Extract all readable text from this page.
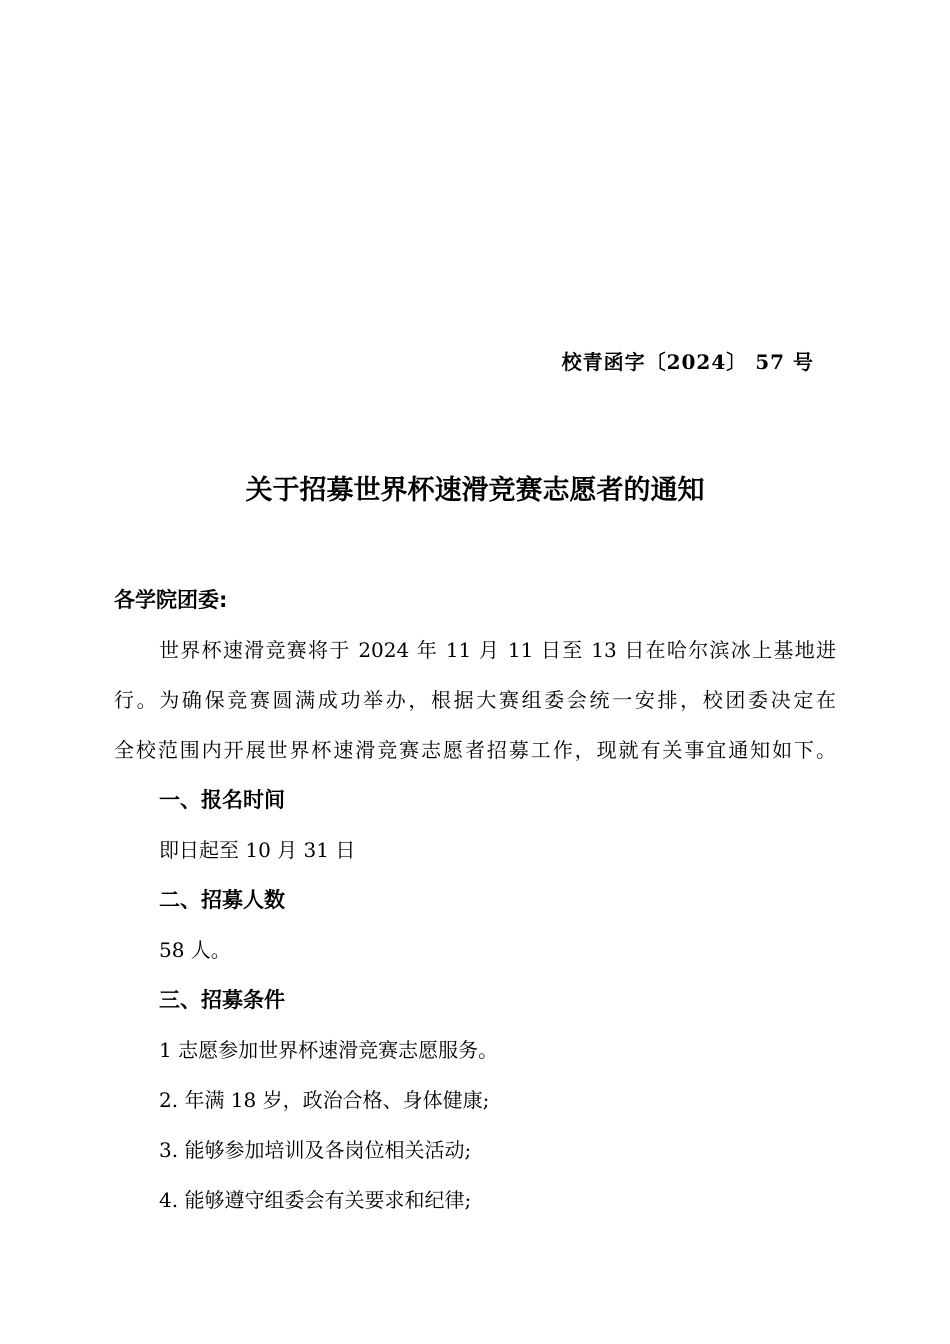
校青函字〔2024〕 57 号
关于招募世界杯速滑竞赛志愿者的通知
各学院团委:
世界杯速滑竞赛将于 2024 年 11 月 11 日至 13 日在哈尔滨冰上基地进
行。为确保竞赛圆满成功举办，根据大赛组委会统一安排，校团委决定在
全校范围内开展世界杯速滑竞赛志愿者招募工作，现就有关事宜通知如下。
一、报名时间
即日起至 10 月 31 日
二、招募人数
58 人。
三、招募条件
1 志愿参加世界杯速滑竞赛志愿服务。
2. 年满 18 岁，政治合格、身体健康;
3. 能够参加培训及各岗位相关活动;
4. 能够遵守组委会有关要求和纪律;
